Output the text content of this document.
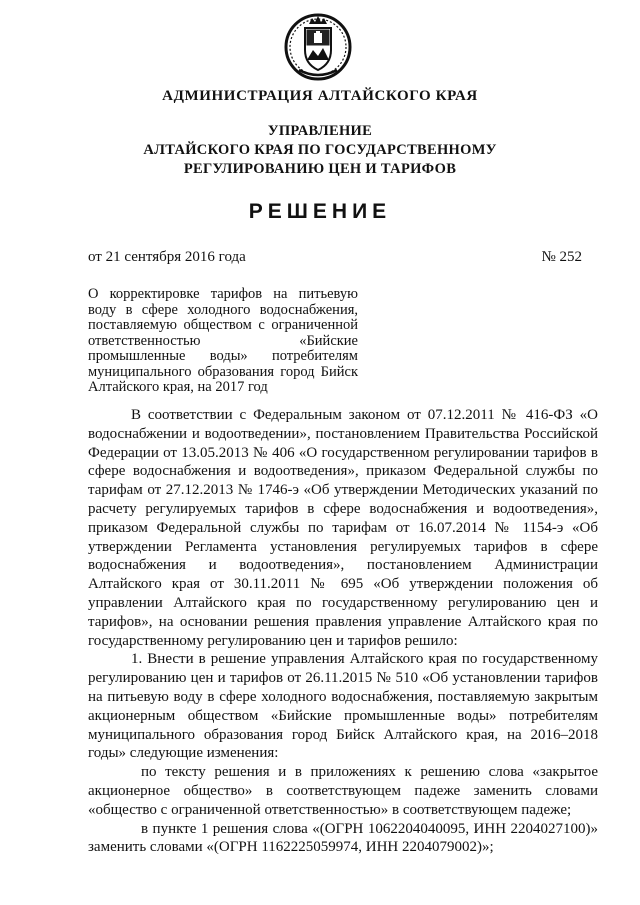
АДМИНИСТРАЦИЯ АЛТАЙСКОГО КРАЯ
УПРАВЛЕНИЕ
АЛТАЙСКОГО КРАЯ ПО ГОСУДАРСТВЕННОМУ
РЕГУЛИРОВАНИЮ ЦЕН И ТАРИФОВ
РЕШЕНИЕ
от 21 сентября 2016 года	№ 252
О корректировке тарифов на питьевую воду в сфере холодного водоснабжения, поставляемую обществом с ограниченной ответственностью «Бийские промышленные воды» потребителям муниципального образования город Бийск Алтайского края, на 2017 год

В соответствии с Федеральным законом от 07.12.2011 № 416-ФЗ «О водоснабжении и водоотведении», постановлением Правительства Российской Федерации от 13.05.2013 № 406 «О государственном регулировании тарифов в сфере водоснабжения и водоотведения», приказом Федеральной службы по тарифам от 27.12.2013 № 1746-э «Об утверждении Методических указаний по расчету регулируемых тарифов в сфере водоснабжения и водоотведения», приказом Федеральной службы по тарифам от 16.07.2014 № 1154-э «Об утверждении Регламента установления регулируемых тарифов в сфере водоснабжения и водоотведения», постановлением Администрации Алтайского края от 30.11.2011 № 695 «Об утверждении положения об управлении Алтайского края по государственному регулированию цен и тарифов», на основании решения правления управление Алтайского края по государственному регулированию цен и тарифов решило:

1. Внести в решение управления Алтайского края по государственному регулированию цен и тарифов от 26.11.2015 № 510 «Об установлении тарифов на питьевую воду в сфере холодного водоснабжения, поставляемую закрытым акционерным обществом «Бийские промышленные воды» потребителям муниципального образования город Бийск Алтайского края, на 2016–2018 годы» следующие изменения:

по тексту решения и в приложениях к решению слова «закрытое акционерное общество» в соответствующем падеже заменить словами «общество с ограниченной ответственностью» в соответствующем падеже;

в пункте 1 решения слова «(ОГРН 1062204040095, ИНН 2204027100)» заменить словами «(ОГРН 1162225059974, ИНН 2204079002)»;
